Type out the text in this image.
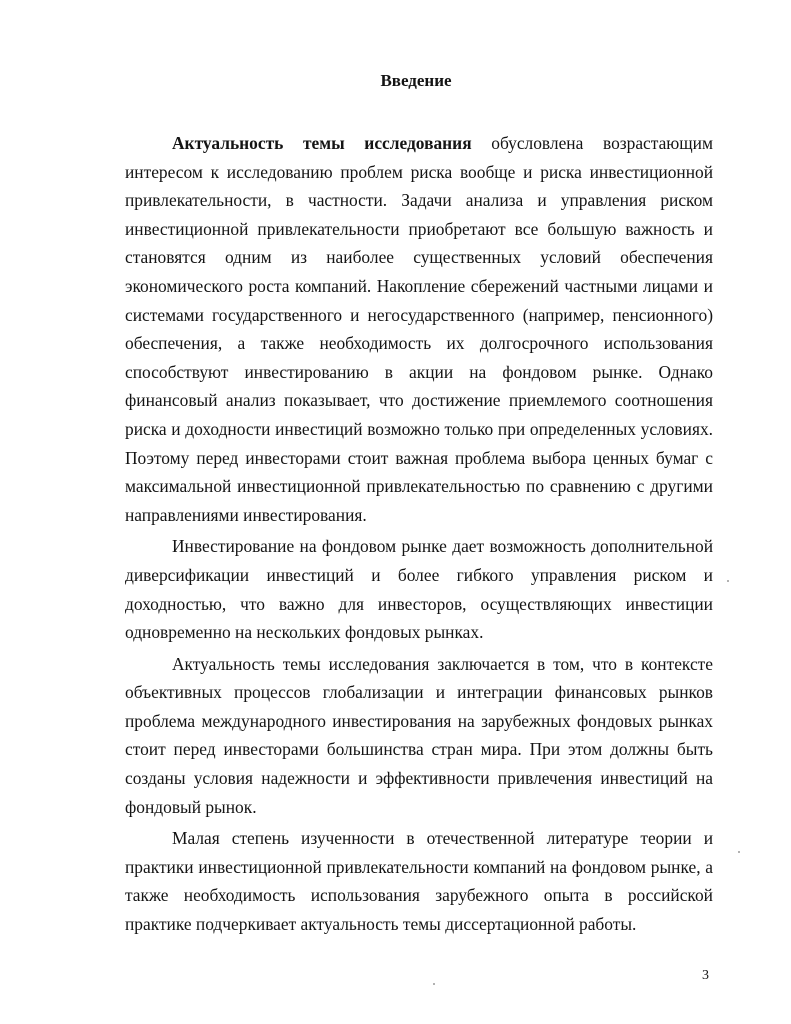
Введение

Актуальность темы исследования обусловлена возрастающим интересом к исследованию проблем риска вообще и риска инвестиционной привлекательности, в частности. Задачи анализа и управления риском инвестиционной привлекательности приобретают все большую важность и становятся одним из наиболее существенных условий обеспечения экономического роста компаний. Накопление сбережений частными лицами и системами государственного и негосударственного (например, пенсионного) обеспечения, а также необходимость их долгосрочного использования способствуют инвестированию в акции на фондовом рынке. Однако финансовый анализ показывает, что достижение приемлемого соотношения риска и доходности инвестиций возможно только при определенных условиях. Поэтому перед инвесторами стоит важная проблема выбора ценных бумаг с максимальной инвестиционной привлекательностью по сравнению с другими направлениями инвестирования.

Инвестирование на фондовом рынке дает возможность дополнительной диверсификации инвестиций и более гибкого управления риском и доходностью, что важно для инвесторов, осуществляющих инвестиции одновременно на нескольких фондовых рынках.

Актуальность темы исследования заключается в том, что в контексте объективных процессов глобализации и интеграции финансовых рынков проблема международного инвестирования на зарубежных фондовых рынках стоит перед инвесторами большинства стран мира. При этом должны быть созданы условия надежности и эффективности привлечения инвестиций на фондовый рынок.

Малая степень изученности в отечественной литературе теории и практики инвестиционной привлекательности компаний на фондовом рынке, а также необходимость использования зарубежного опыта в российской практике подчеркивает актуальность темы диссертационной работы.

3
